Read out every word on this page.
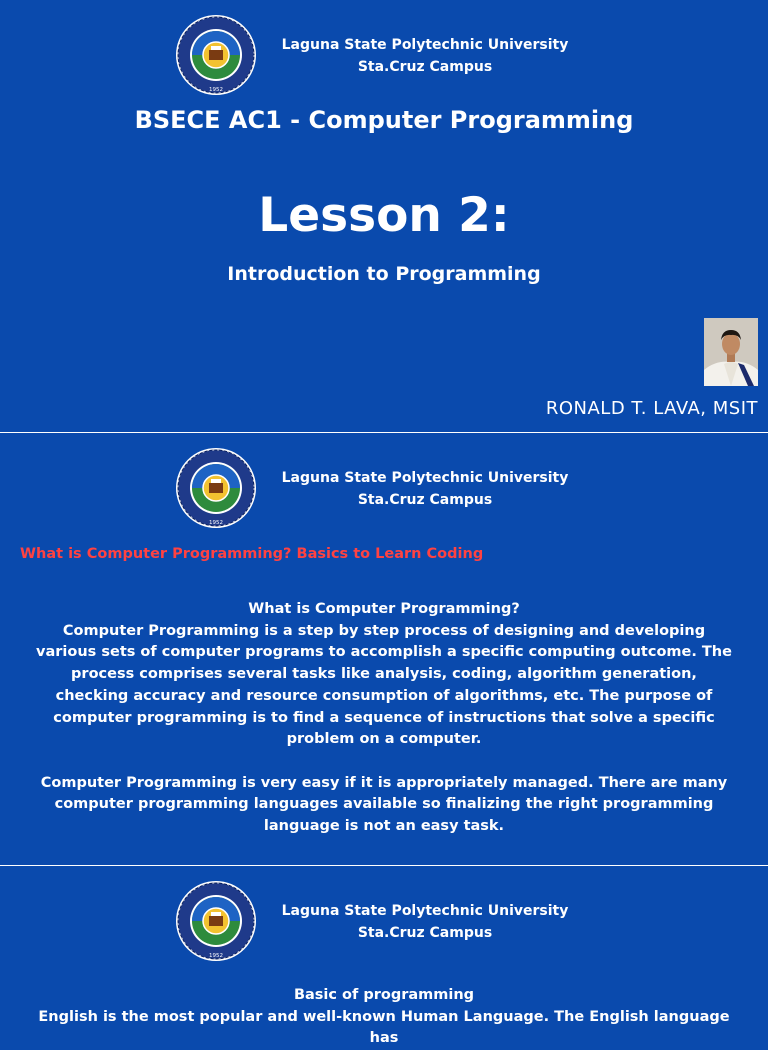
1952
Laguna State Polytechnic University
Sta.Cruz Campus
BSECE AC1 - Computer Programming
Lesson 2:
Introduction to Programming
RONALD T. LAVA, MSIT
1952
Laguna State Polytechnic University
Sta.Cruz Campus
What is Computer Programming? Basics to Learn Coding

What is Computer Programming?

Computer Programming is a step by step process of designing and developing various sets of computer programs to accomplish a specific computing outcome. The process comprises several tasks like analysis, coding, algorithm generation, checking accuracy and resource consumption of algorithms, etc. The purpose of computer programming is to find a sequence of instructions that solve a specific problem on a computer.

Computer Programming is very easy if it is appropriately managed. There are many computer programming languages available so finalizing the right programming language is not an easy task.

1952
Laguna State Polytechnic University
Sta.Cruz Campus

Basic of programming

English is the most popular and well-known Human Language. The English language has
